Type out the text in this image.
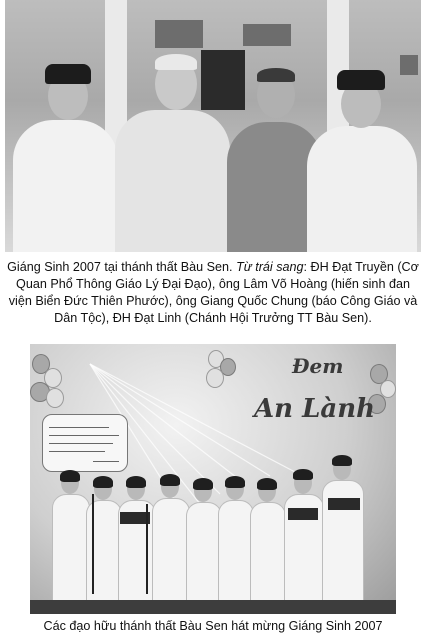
Giáng Sinh 2007 tại thánh thất Bàu Sen. Từ trái sang: ĐH Đạt Truyền (Cơ Quan Phổ Thông Giáo Lý Đại Đạo), ông Lâm Võ Hoàng (hiến sinh đan viện Biển Đức Thiên Phước), ông Giang Quốc Chung (báo Công Giáo và Dân Tộc), ĐH Đạt Linh (Chánh Hội Trưởng TT Bàu Sen).
Đem
An Lành
Các đạo hữu thánh thất Bàu Sen hát mừng Giáng Sinh 2007
